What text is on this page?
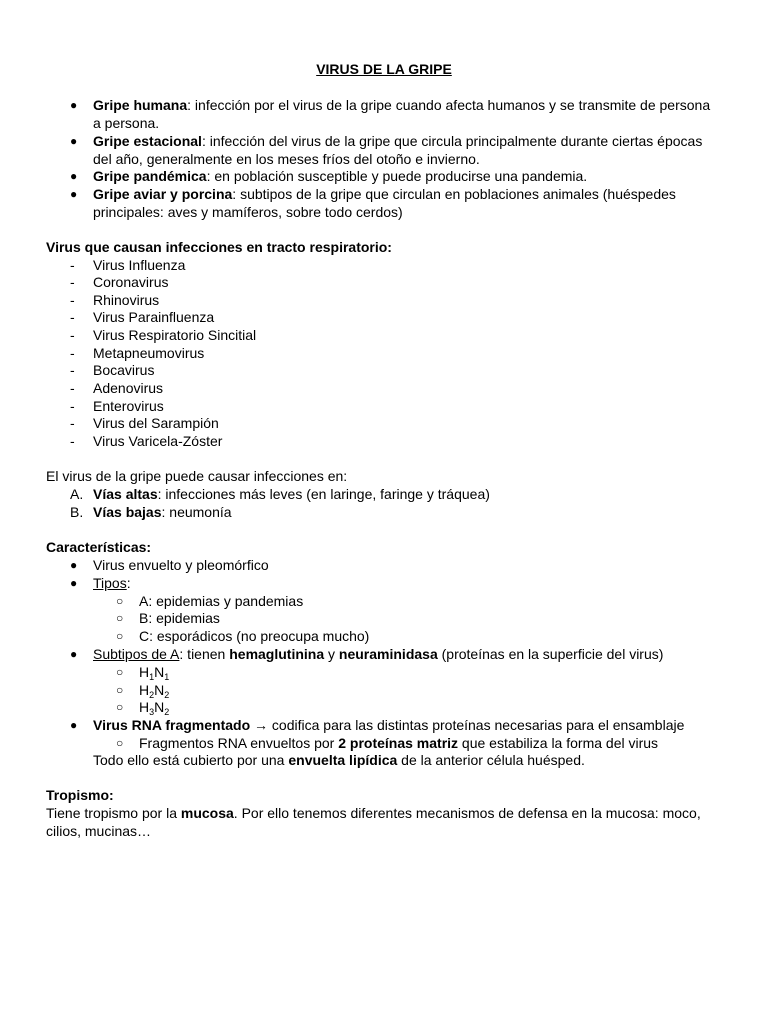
VIRUS DE LA GRIPE
● Gripe humana: infección por el virus de la gripe cuando afecta humanos y se transmite de persona
a persona.
● Gripe estacional: infección del virus de la gripe que circula principalmente durante ciertas épocas
del año, generalmente en los meses fríos del otoño e invierno.
● Gripe pandémica: en población susceptible y puede producirse una pandemia.
● Gripe aviar y porcina: subtipos de la gripe que circulan en poblaciones animales (huéspedes
principales: aves y mamíferos, sobre todo cerdos)
Virus que causan infecciones en tracto respiratorio:
- Virus Influenza
- Coronavirus
- Rhinovirus
- Virus Parainfluenza
- Virus Respiratorio Sincitial
- Metapneumovirus
- Bocavirus
- Adenovirus
- Enterovirus
- Virus del Sarampión
- Virus Varicela-Zóster
El virus de la gripe puede causar infecciones en:
A. Vías altas: infecciones más leves (en laringe, faringe y tráquea)
B. Vías bajas: neumonía
Características:
● Virus envuelto y pleomórfico
● Tipos:
○ A: epidemias y pandemias
○ B: epidemias
○ C: esporádicos (no preocupa mucho)
● Subtipos de A: tienen hemaglutinina y neuraminidasa (proteínas en la superficie del virus)
○ $H_1N_1$
○ $H_2N_2$
○ $H_3N_2$
● Virus RNA fragmentado → codifica para las distintas proteínas necesarias para el ensamblaje
○ Fragmentos RNA envueltos por 2 proteínas matriz que estabiliza la forma del virus
Todo ello está cubierto por una envuelta lipídica de la anterior célula huésped.
Tropismo:
Tiene tropismo por la mucosa. Por ello tenemos diferentes mecanismos de defensa en la mucosa: moco,
cilios, mucinas…
